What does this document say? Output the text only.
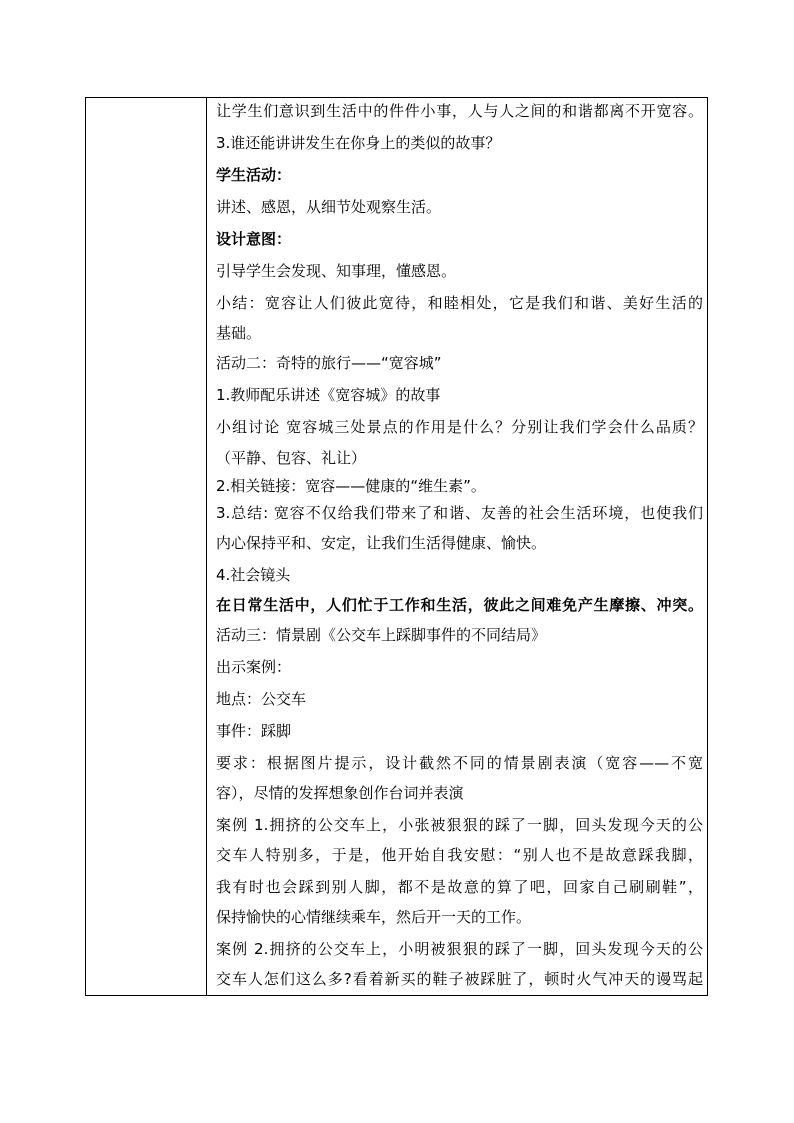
让学生们意识到生活中的件件小事，人与人之间的和谐都离不开宽容。
3.谁还能讲讲发生在你身上的类似的故事？
学生活动：
讲述、感恩，从细节处观察生活。
设计意图：
引导学生会发现、知事理，懂感恩。
小结：宽容让人们彼此宽待，和睦相处，它是我们和谐、美好生活的
基础。
活动二：奇特的旅行——“宽容城”
1.教师配乐讲述《宽容城》的故事
小组讨论 宽容城三处景点的作用是什么？分别让我们学会什么品质？
（平静、包容、礼让）
2.相关链接：宽容——健康的“维生素”。
3.总结: 宽容不仅给我们带来了和谐、友善的社会生活环境，也使我们
内心保持平和、安定，让我们生活得健康、愉快。
4.社会镜头
在日常生活中，人们忙于工作和生活，彼此之间难免产生摩擦、冲突。
活动三：情景剧《公交车上踩脚事件的不同结局》
出示案例：
地点：公交车
事件：踩脚
要求：根据图片提示，设计截然不同的情景剧表演（宽容——不宽
容），尽情的发挥想象创作台词并表演
案例 1.拥挤的公交车上，小张被狠狠的踩了一脚，回头发现今天的公
交车人特别多，于是，他开始自我安慰：“别人也不是故意踩我脚，
我有时也会踩到别人脚，都不是故意的算了吧，回家自己刷刷鞋”，
保持愉快的心情继续乘车，然后开一天的工作。
案例 2.拥挤的公交车上，小明被狠狠的踩了一脚，回头发现今天的公
交车人怎们这么多?看着新买的鞋子被踩脏了，顿时火气冲天的谩骂起
